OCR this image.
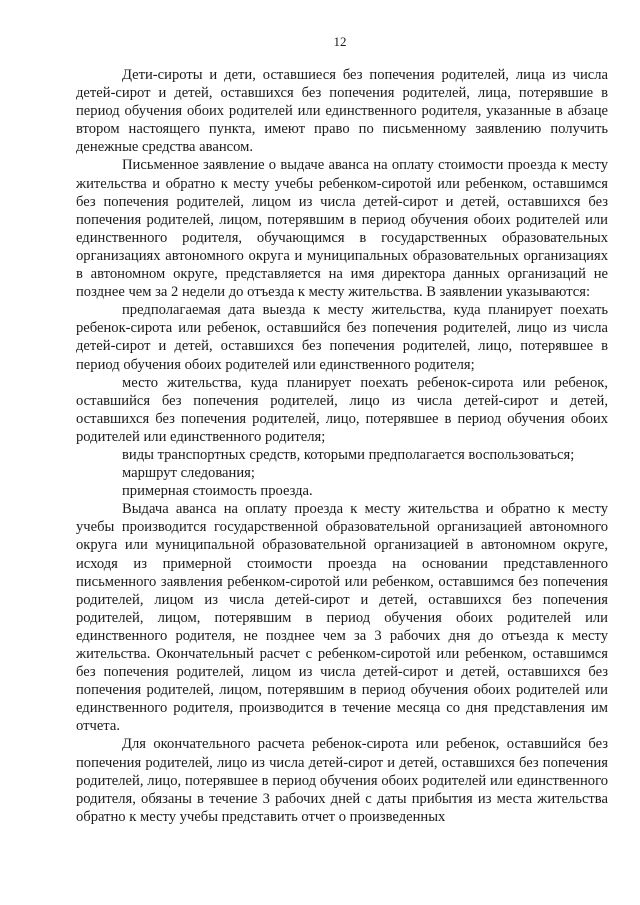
12

Дети-сироты и дети, оставшиеся без попечения родителей, лица из числа детей-сирот и детей, оставшихся без попечения родителей, лица, потерявшие в период обучения обоих родителей или единственного родителя, указанные в абзаце втором настоящего пункта, имеют право по письменному заявлению получить денежные средства авансом.

Письменное заявление о выдаче аванса на оплату стоимости проезда к месту жительства и обратно к месту учебы ребенком-сиротой или ребенком, оставшимся без попечения родителей, лицом из числа детей-сирот и детей, оставшихся без попечения родителей, лицом, потерявшим в период обучения обоих родителей или единственного родителя, обучающимся в государственных образовательных организациях автономного округа и муниципальных образовательных организациях в автономном округе, представляется на имя директора данных организаций не позднее чем за 2 недели до отъезда к месту жительства. В заявлении указываются:

предполагаемая дата выезда к месту жительства, куда планирует поехать ребенок-сирота или ребенок, оставшийся без попечения родителей, лицо из числа детей-сирот и детей, оставшихся без попечения родителей, лицо, потерявшее в период обучения обоих родителей или единственного родителя;

место жительства, куда планирует поехать ребенок-сирота или ребенок, оставшийся без попечения родителей, лицо из числа детей-сирот и детей, оставшихся без попечения родителей, лицо, потерявшее в период обучения обоих родителей или единственного родителя;

виды транспортных средств, которыми предполагается воспользоваться;

маршрут следования;

примерная стоимость проезда.

Выдача аванса на оплату проезда к месту жительства и обратно к месту учебы производится государственной образовательной организацией автономного округа или муниципальной образовательной организацией в автономном округе, исходя из примерной стоимости проезда на основании представленного письменного заявления ребенком-сиротой или ребенком, оставшимся без попечения родителей, лицом из числа детей-сирот и детей, оставшихся без попечения родителей, лицом, потерявшим в период обучения обоих родителей или единственного родителя, не позднее чем за 3 рабочих дня до отъезда к месту жительства. Окончательный расчет с ребенком-сиротой или ребенком, оставшимся без попечения родителей, лицом из числа детей-сирот и детей, оставшихся без попечения родителей, лицом, потерявшим в период обучения обоих родителей или единственного родителя, производится в течение месяца со дня представления им отчета.

Для окончательного расчета ребенок-сирота или ребенок, оставшийся без попечения родителей, лицо из числа детей-сирот и детей, оставшихся без попечения родителей, лицо, потерявшее в период обучения обоих родителей или единственного родителя, обязаны в течение 3 рабочих дней с даты прибытия из места жительства обратно к месту учебы представить отчет о произведенных
